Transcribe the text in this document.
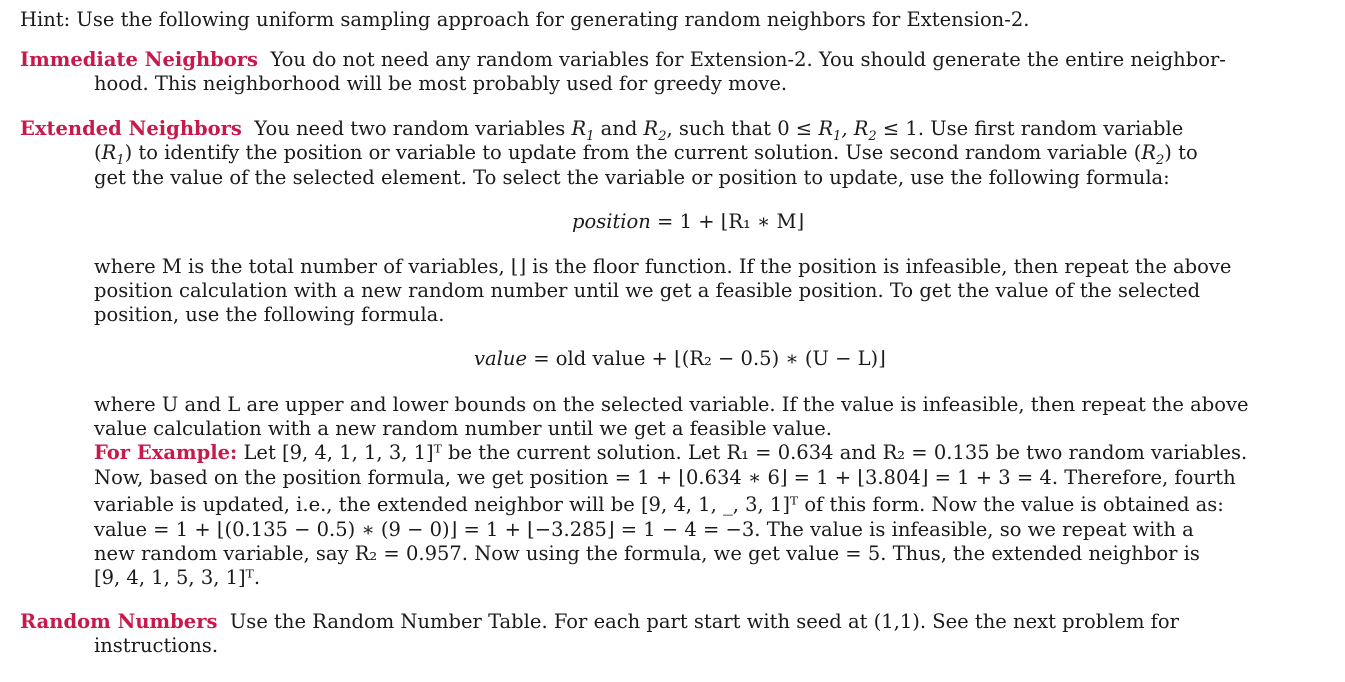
Hint: Use the following uniform sampling approach for generating random neighbors for Extension-2.
Immediate Neighbors You do not need any random variables for Extension-2. You should generate the entire neighbor-
hood. This neighborhood will be most probably used for greedy move.
Extended Neighbors You need two random variables $R_1$ and $R_2$, such that $0 \le R_1$, $R_2 \le 1$. Use first random variable
$(R_1)$ to identify the position or variable to update from the current solution. Use second random variable $(R_2)$ to
get the value of the selected element. To select the variable or position to update, use the following formula:
position = 1 + ⌊R₁ ∗ M⌋
where M is the total number of variables, ⌊⌋ is the floor function. If the position is infeasible, then repeat the above
position calculation with a new random number until we get a feasible position. To get the value of the selected
position, use the following formula.
value = old value + ⌊(R₂ − 0.5) ∗ (U − L)⌋
where U and L are upper and lower bounds on the selected variable. If the value is infeasible, then repeat the above
value calculation with a new random number until we get a feasible value.
For Example: Let [9, 4, 1, 1, 3, 1]ᵀ be the current solution. Let R₁ = 0.634 and R₂ = 0.135 be two random variables.
Now, based on the position formula, we get position = 1 + ⌊0.634 ∗ 6⌋ = 1 + ⌊3.804⌋ = 1 + 3 = 4. Therefore, fourth
variable is updated, i.e., the extended neighbor will be [9, 4, 1, _, 3, 1]ᵀ of this form. Now the value is obtained as:
value = 1 + ⌊(0.135 − 0.5) ∗ (9 − 0)⌋ = 1 + ⌊−3.285⌋ = 1 − 4 = −3. The value is infeasible, so we repeat with a
new random variable, say R₂ = 0.957. Now using the formula, we get value = 5. Thus, the extended neighbor is
[9, 4, 1, 5, 3, 1]ᵀ.
Random Numbers Use the Random Number Table. For each part start with seed at (1,1). See the next problem for
instructions.
